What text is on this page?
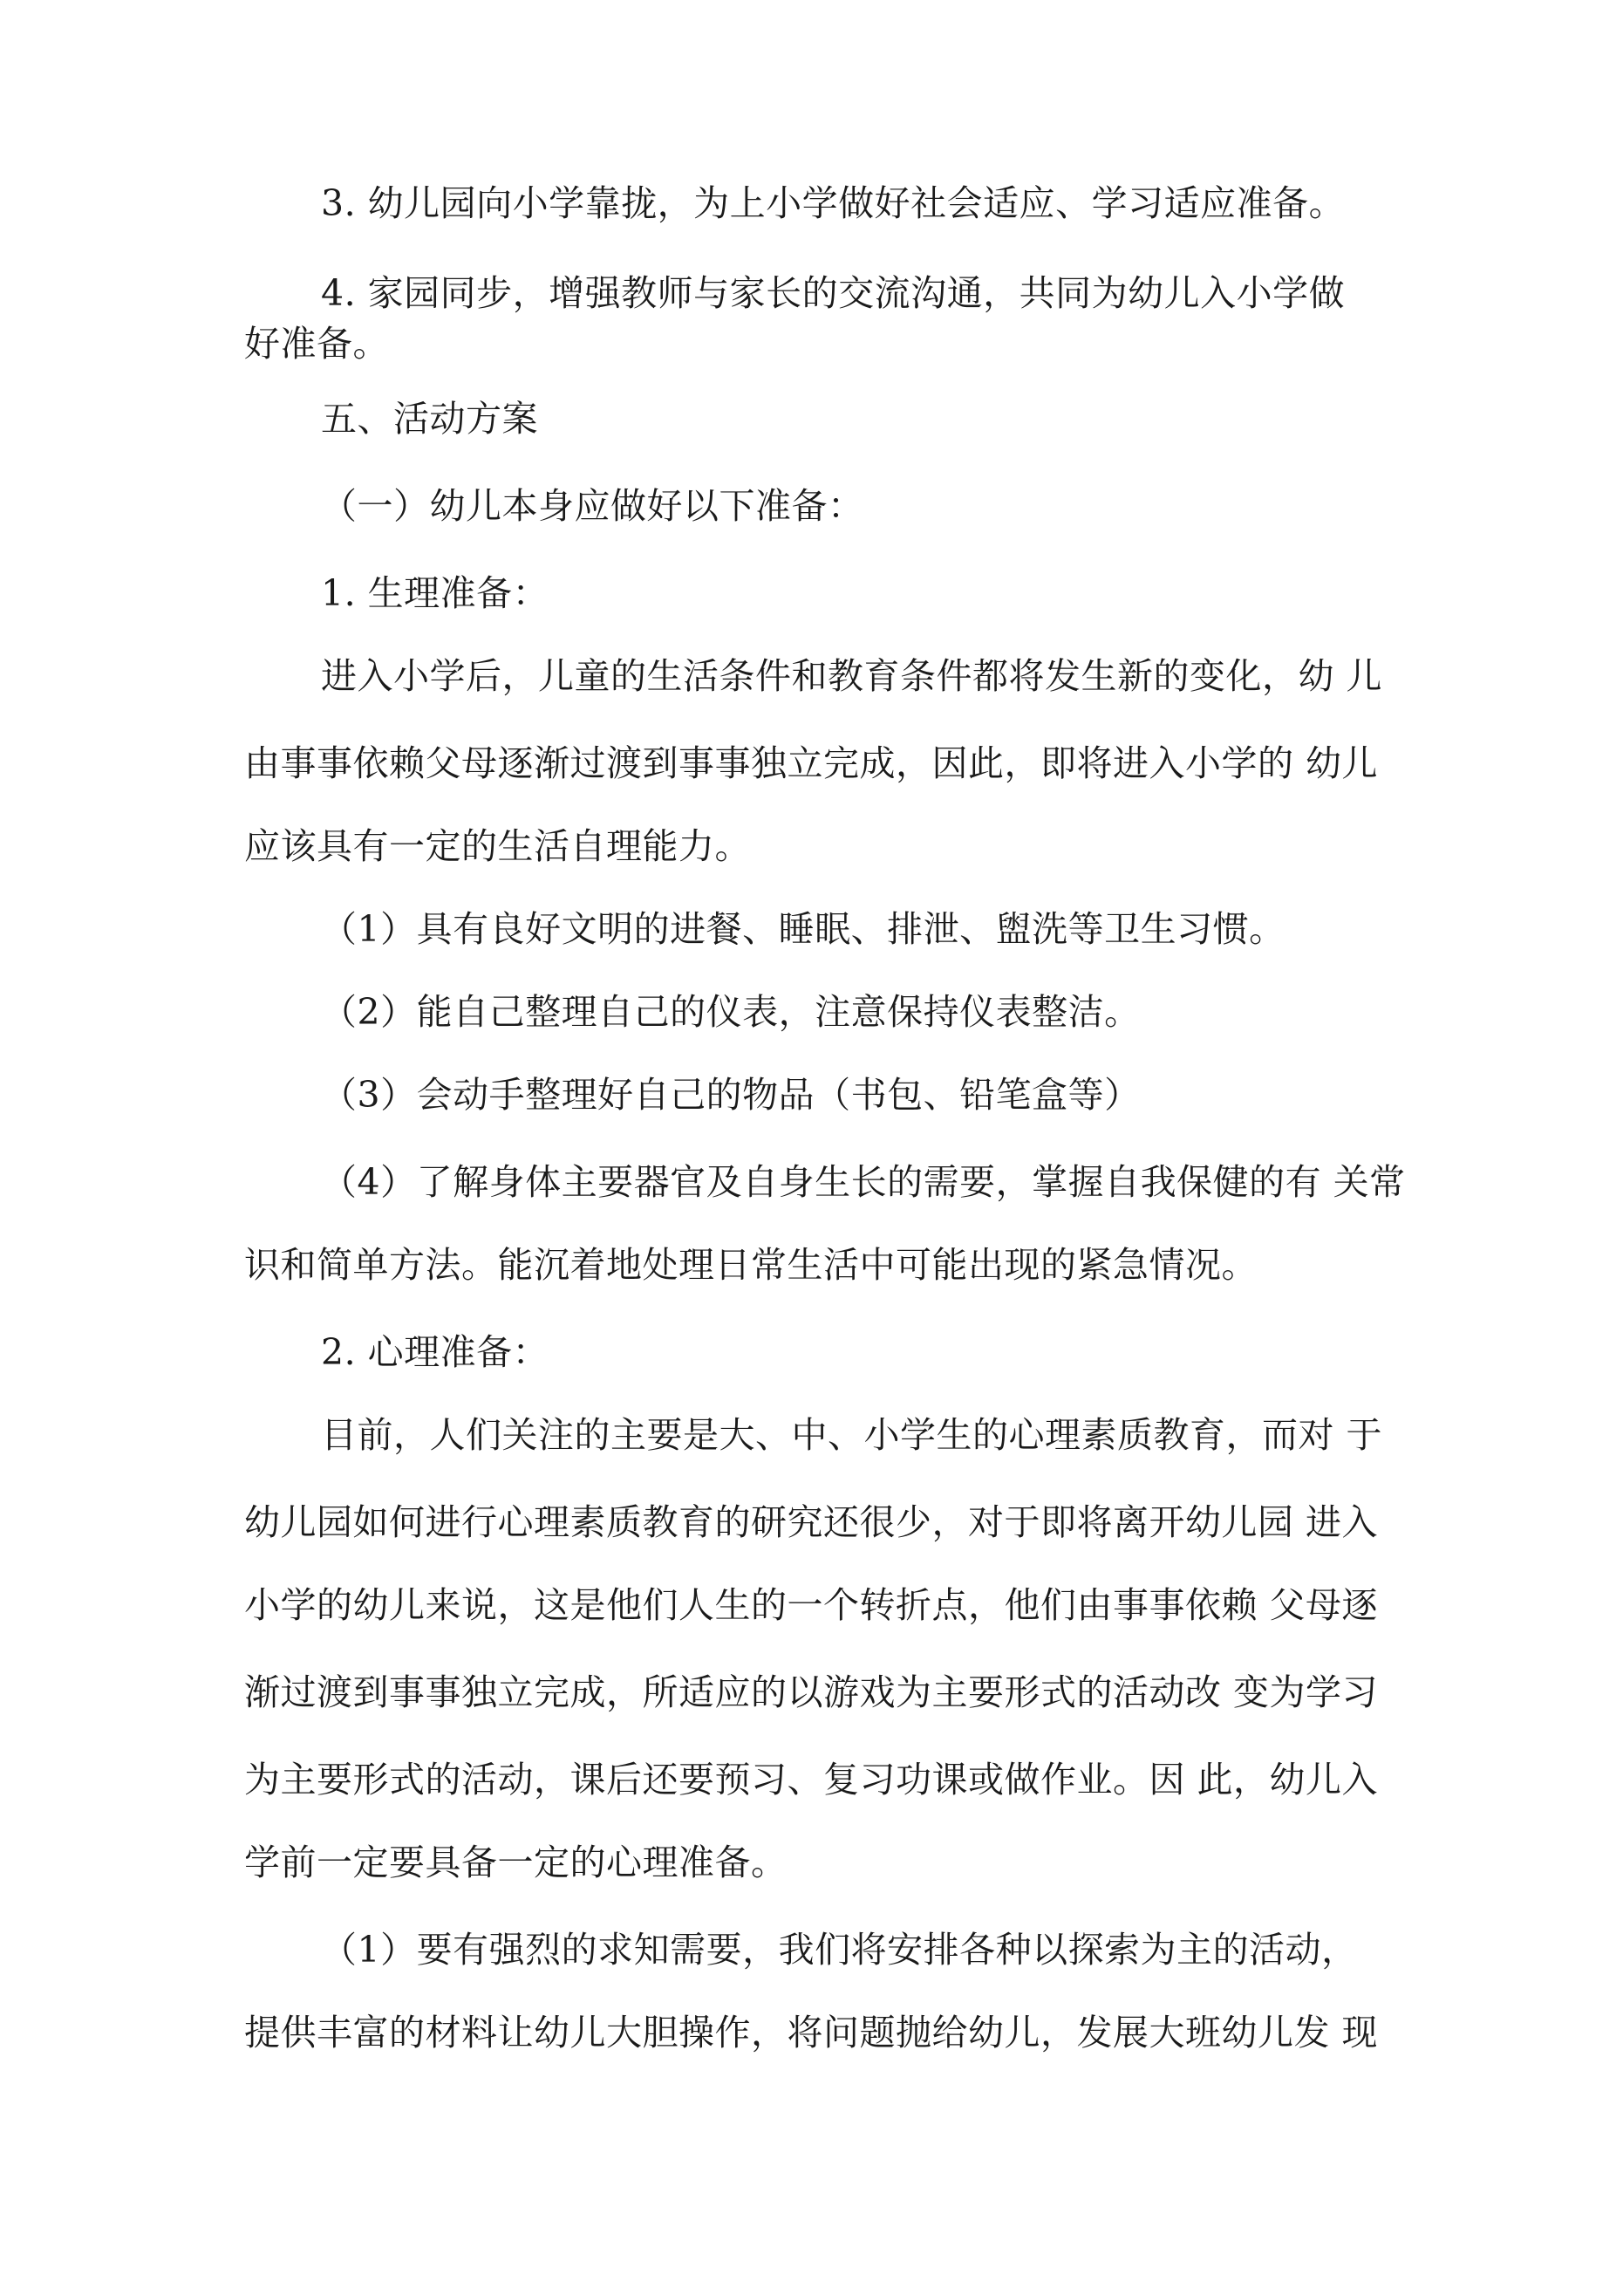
3. 幼儿园向小学靠拢，为上小学做好社会适应、学习适应准备。
4. 家园同步，增强教师与家长的交流沟通，共同为幼儿入小学做
好准备。
五、活动方案
（一）幼儿本身应做好以下准备：
1. 生理准备：
进入小学后，儿童的生活条件和教育条件都将发生新的变化，幼 儿
由事事依赖父母逐渐过渡到事事独立完成，因此，即将进入小学的 幼儿
应该具有一定的生活自理能力。
（1）具有良好文明的进餐、睡眠、排泄、盥洗等卫生习惯。
（2）能自己整理自己的仪表，注意保持仪表整洁。
（3）会动手整理好自己的物品（书包、铅笔盒等）
（4）了解身体主要器官及自身生长的需要，掌握自我保健的有 关常
识和简单方法。能沉着地处理日常生活中可能出现的紧急情况。
2. 心理准备：
目前，人们关注的主要是大、中、小学生的心理素质教育，而对 于
幼儿园如何进行心理素质教育的研究还很少，对于即将离开幼儿园 进入
小学的幼儿来说，这是他们人生的一个转折点，他们由事事依赖 父母逐
渐过渡到事事独立完成，所适应的以游戏为主要形式的活动改 变为学习
为主要形式的活动，课后还要预习、复习功课或做作业。因 此，幼儿入
学前一定要具备一定的心理准备。
（1）要有强烈的求知需要，我们将安排各种以探索为主的活动，
提供丰富的材料让幼儿大胆操作，将问题抛给幼儿，发展大班幼儿发 现
